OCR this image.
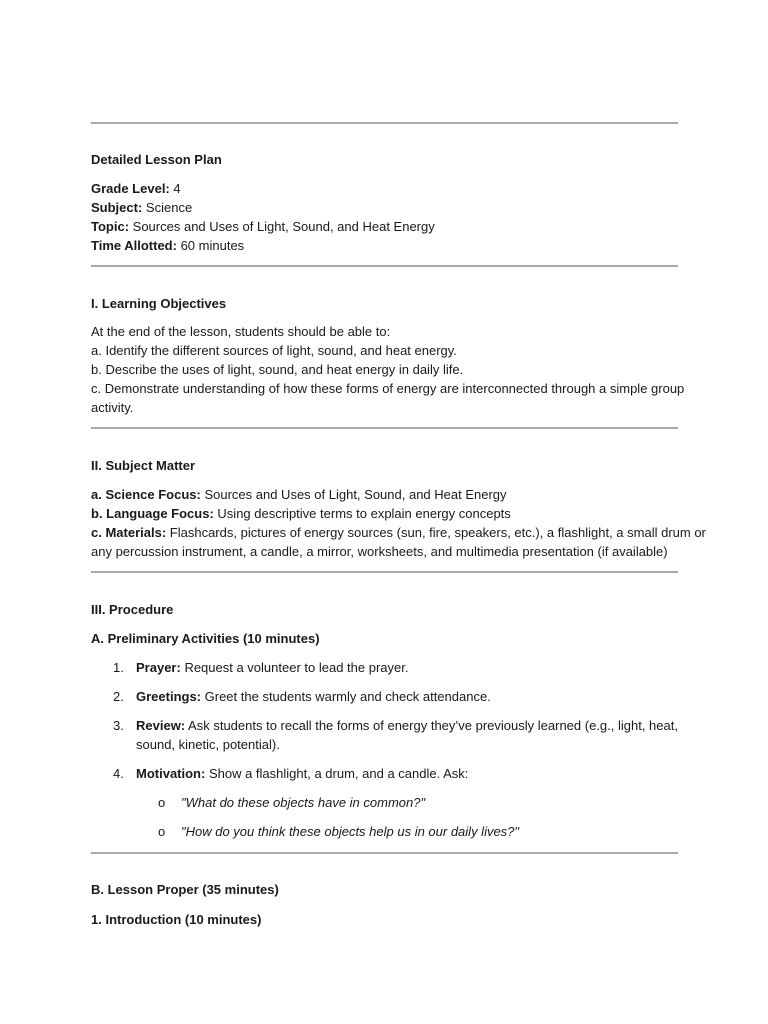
Detailed Lesson Plan
Grade Level: 4
Subject: Science
Topic: Sources and Uses of Light, Sound, and Heat Energy
Time Allotted: 60 minutes
I. Learning Objectives
At the end of the lesson, students should be able to:
a. Identify the different sources of light, sound, and heat energy.
b. Describe the uses of light, sound, and heat energy in daily life.
c. Demonstrate understanding of how these forms of energy are interconnected through a simple group
activity.
II. Subject Matter
a. Science Focus: Sources and Uses of Light, Sound, and Heat Energy
b. Language Focus: Using descriptive terms to explain energy concepts
c. Materials: Flashcards, pictures of energy sources (sun, fire, speakers, etc.), a flashlight, a small drum or
any percussion instrument, a candle, a mirror, worksheets, and multimedia presentation (if available)
III. Procedure
A. Preliminary Activities (10 minutes)
1. Prayer: Request a volunteer to lead the prayer.
2. Greetings: Greet the students warmly and check attendance.
3. Review: Ask students to recall the forms of energy they’ve previously learned (e.g., light, heat,
sound, kinetic, potential).
4. Motivation: Show a flashlight, a drum, and a candle. Ask:
o "What do these objects have in common?"
o "How do you think these objects help us in our daily lives?"
B. Lesson Proper (35 minutes)
1. Introduction (10 minutes)
